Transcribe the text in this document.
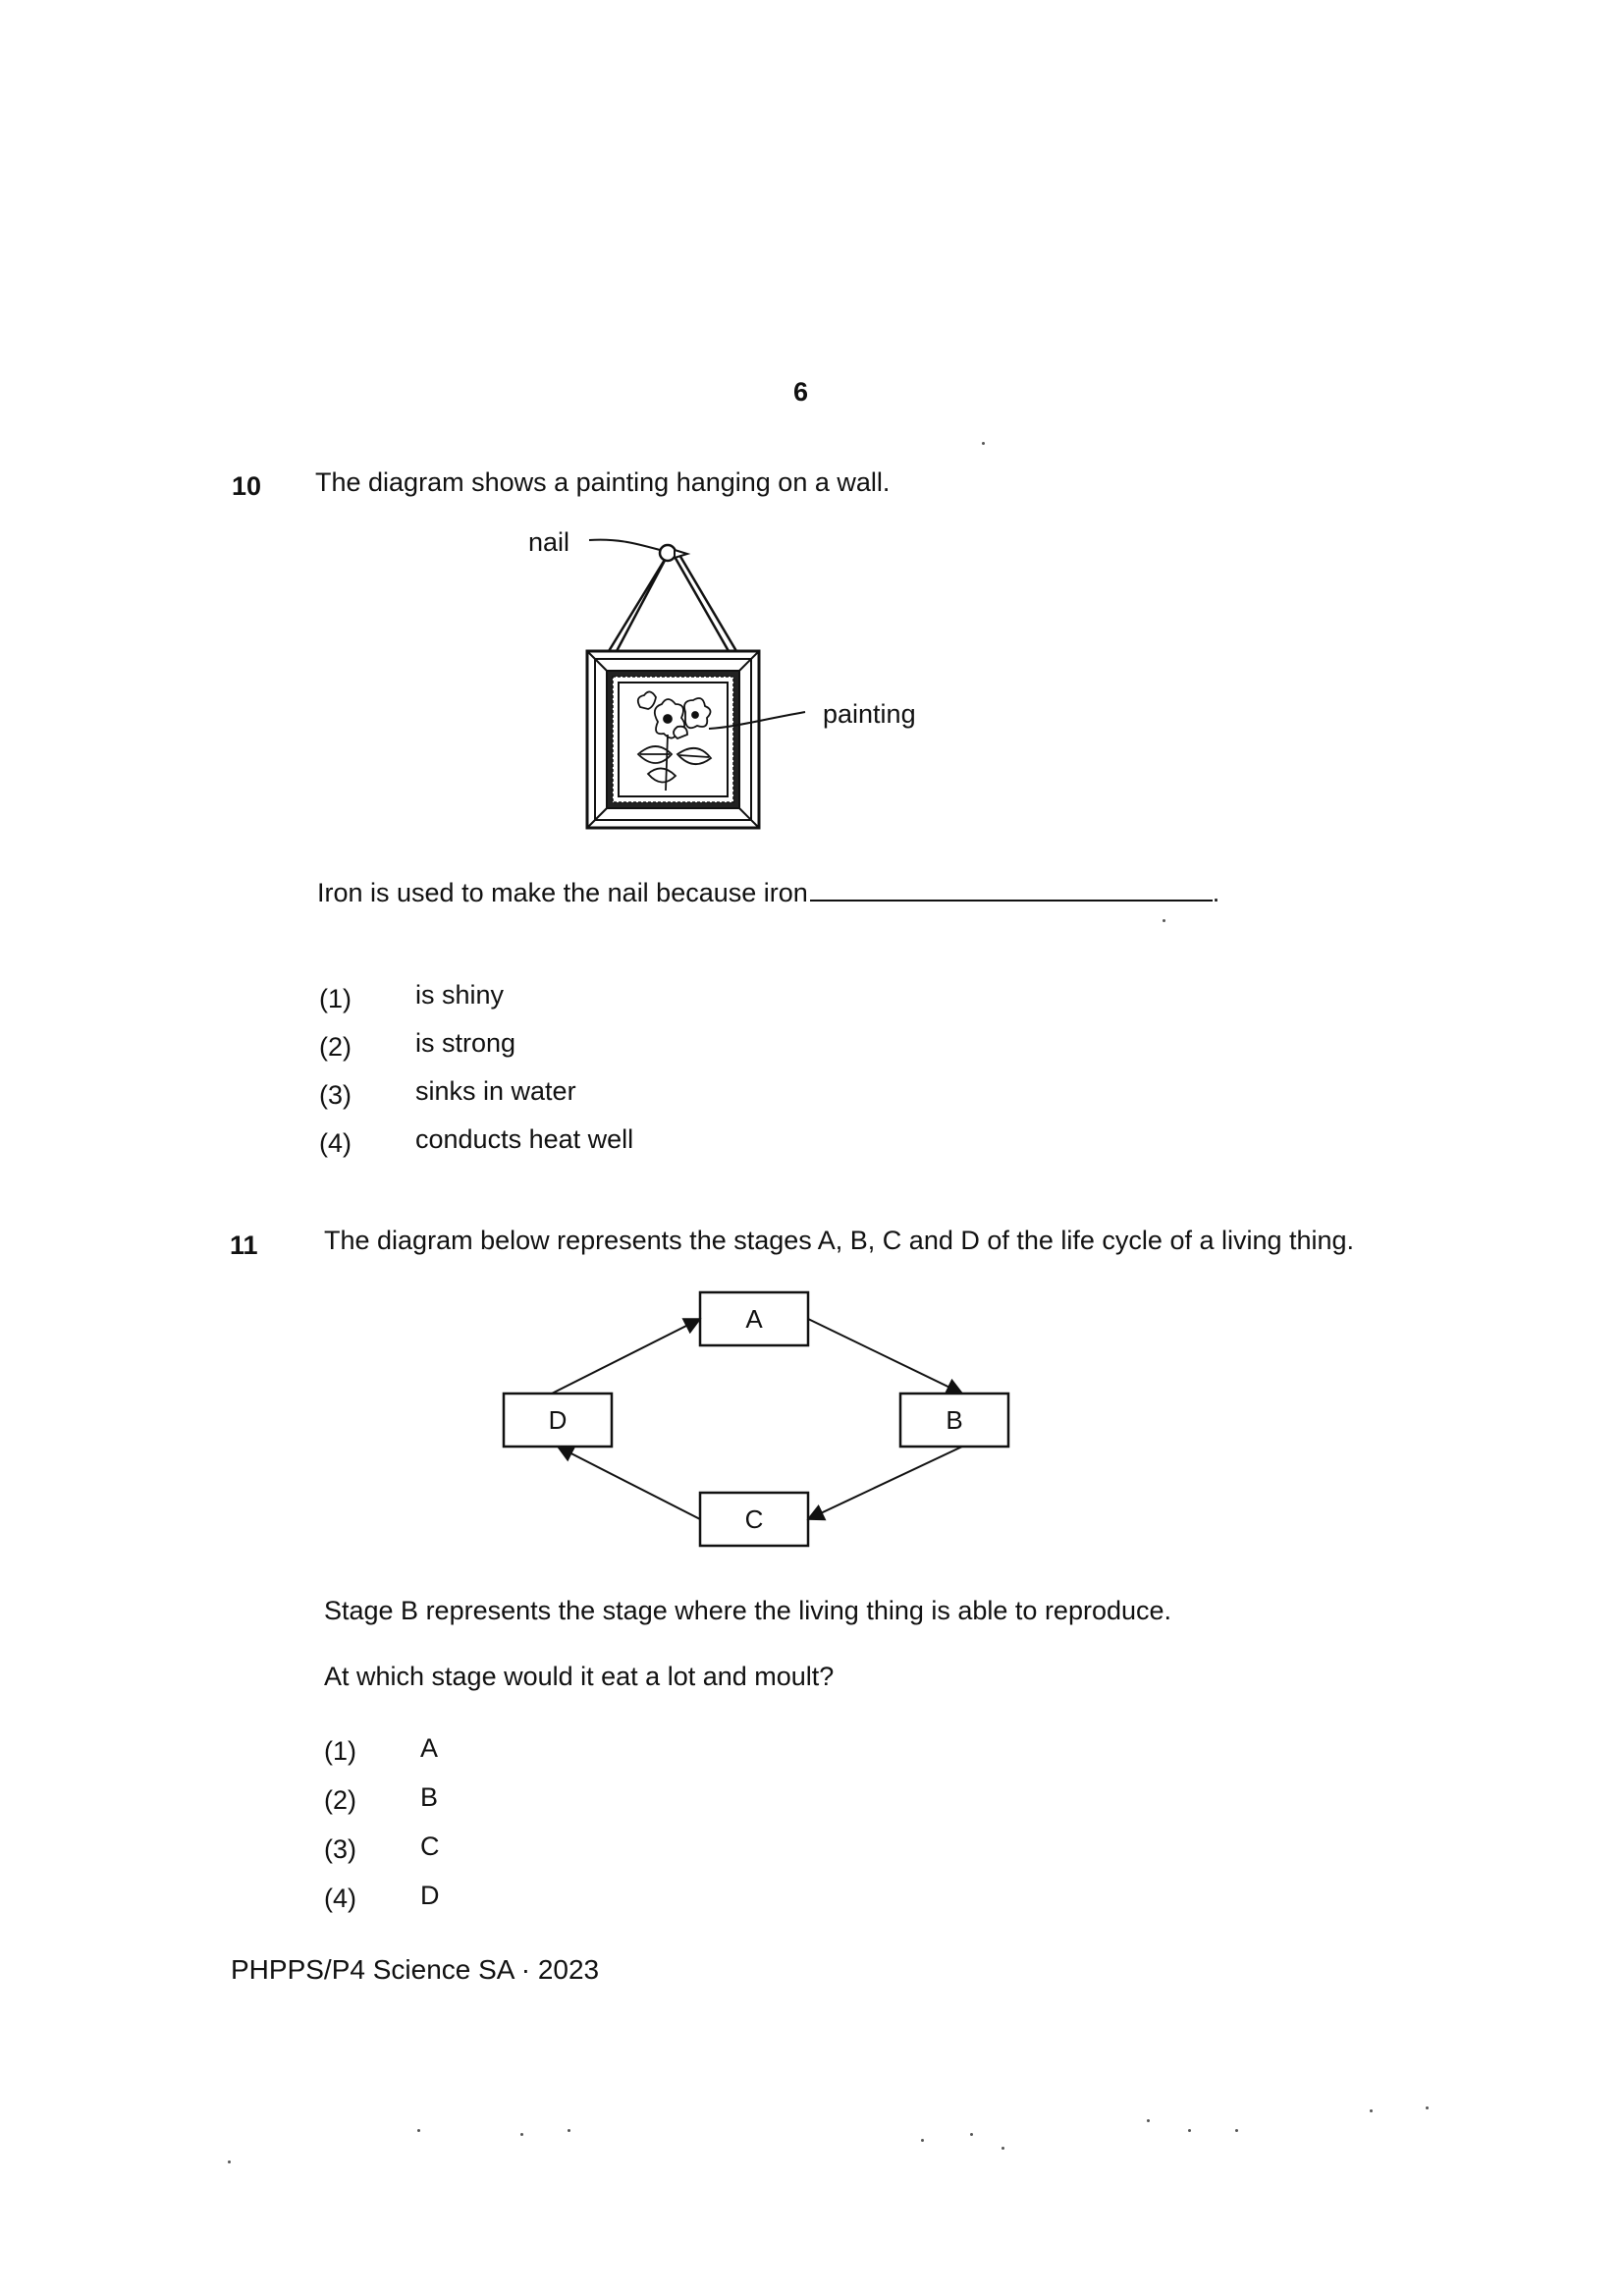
6
10 The diagram shows a painting hanging on a wall.
nail
painting
Iron is used to make the nail because iron	.
(1) is shiny
(2) is strong
(3) sinks in water
(4) conducts heat well
11 The diagram below represents the stages A, B, C and D of the life cycle of a living thing.
A
B
C
D
Stage B represents the stage where the living thing is able to reproduce.
At which stage would it eat a lot and moult?
(1) A
(2) B
(3) C
(4) D
PHPPS/P4 Science SA · 2023
